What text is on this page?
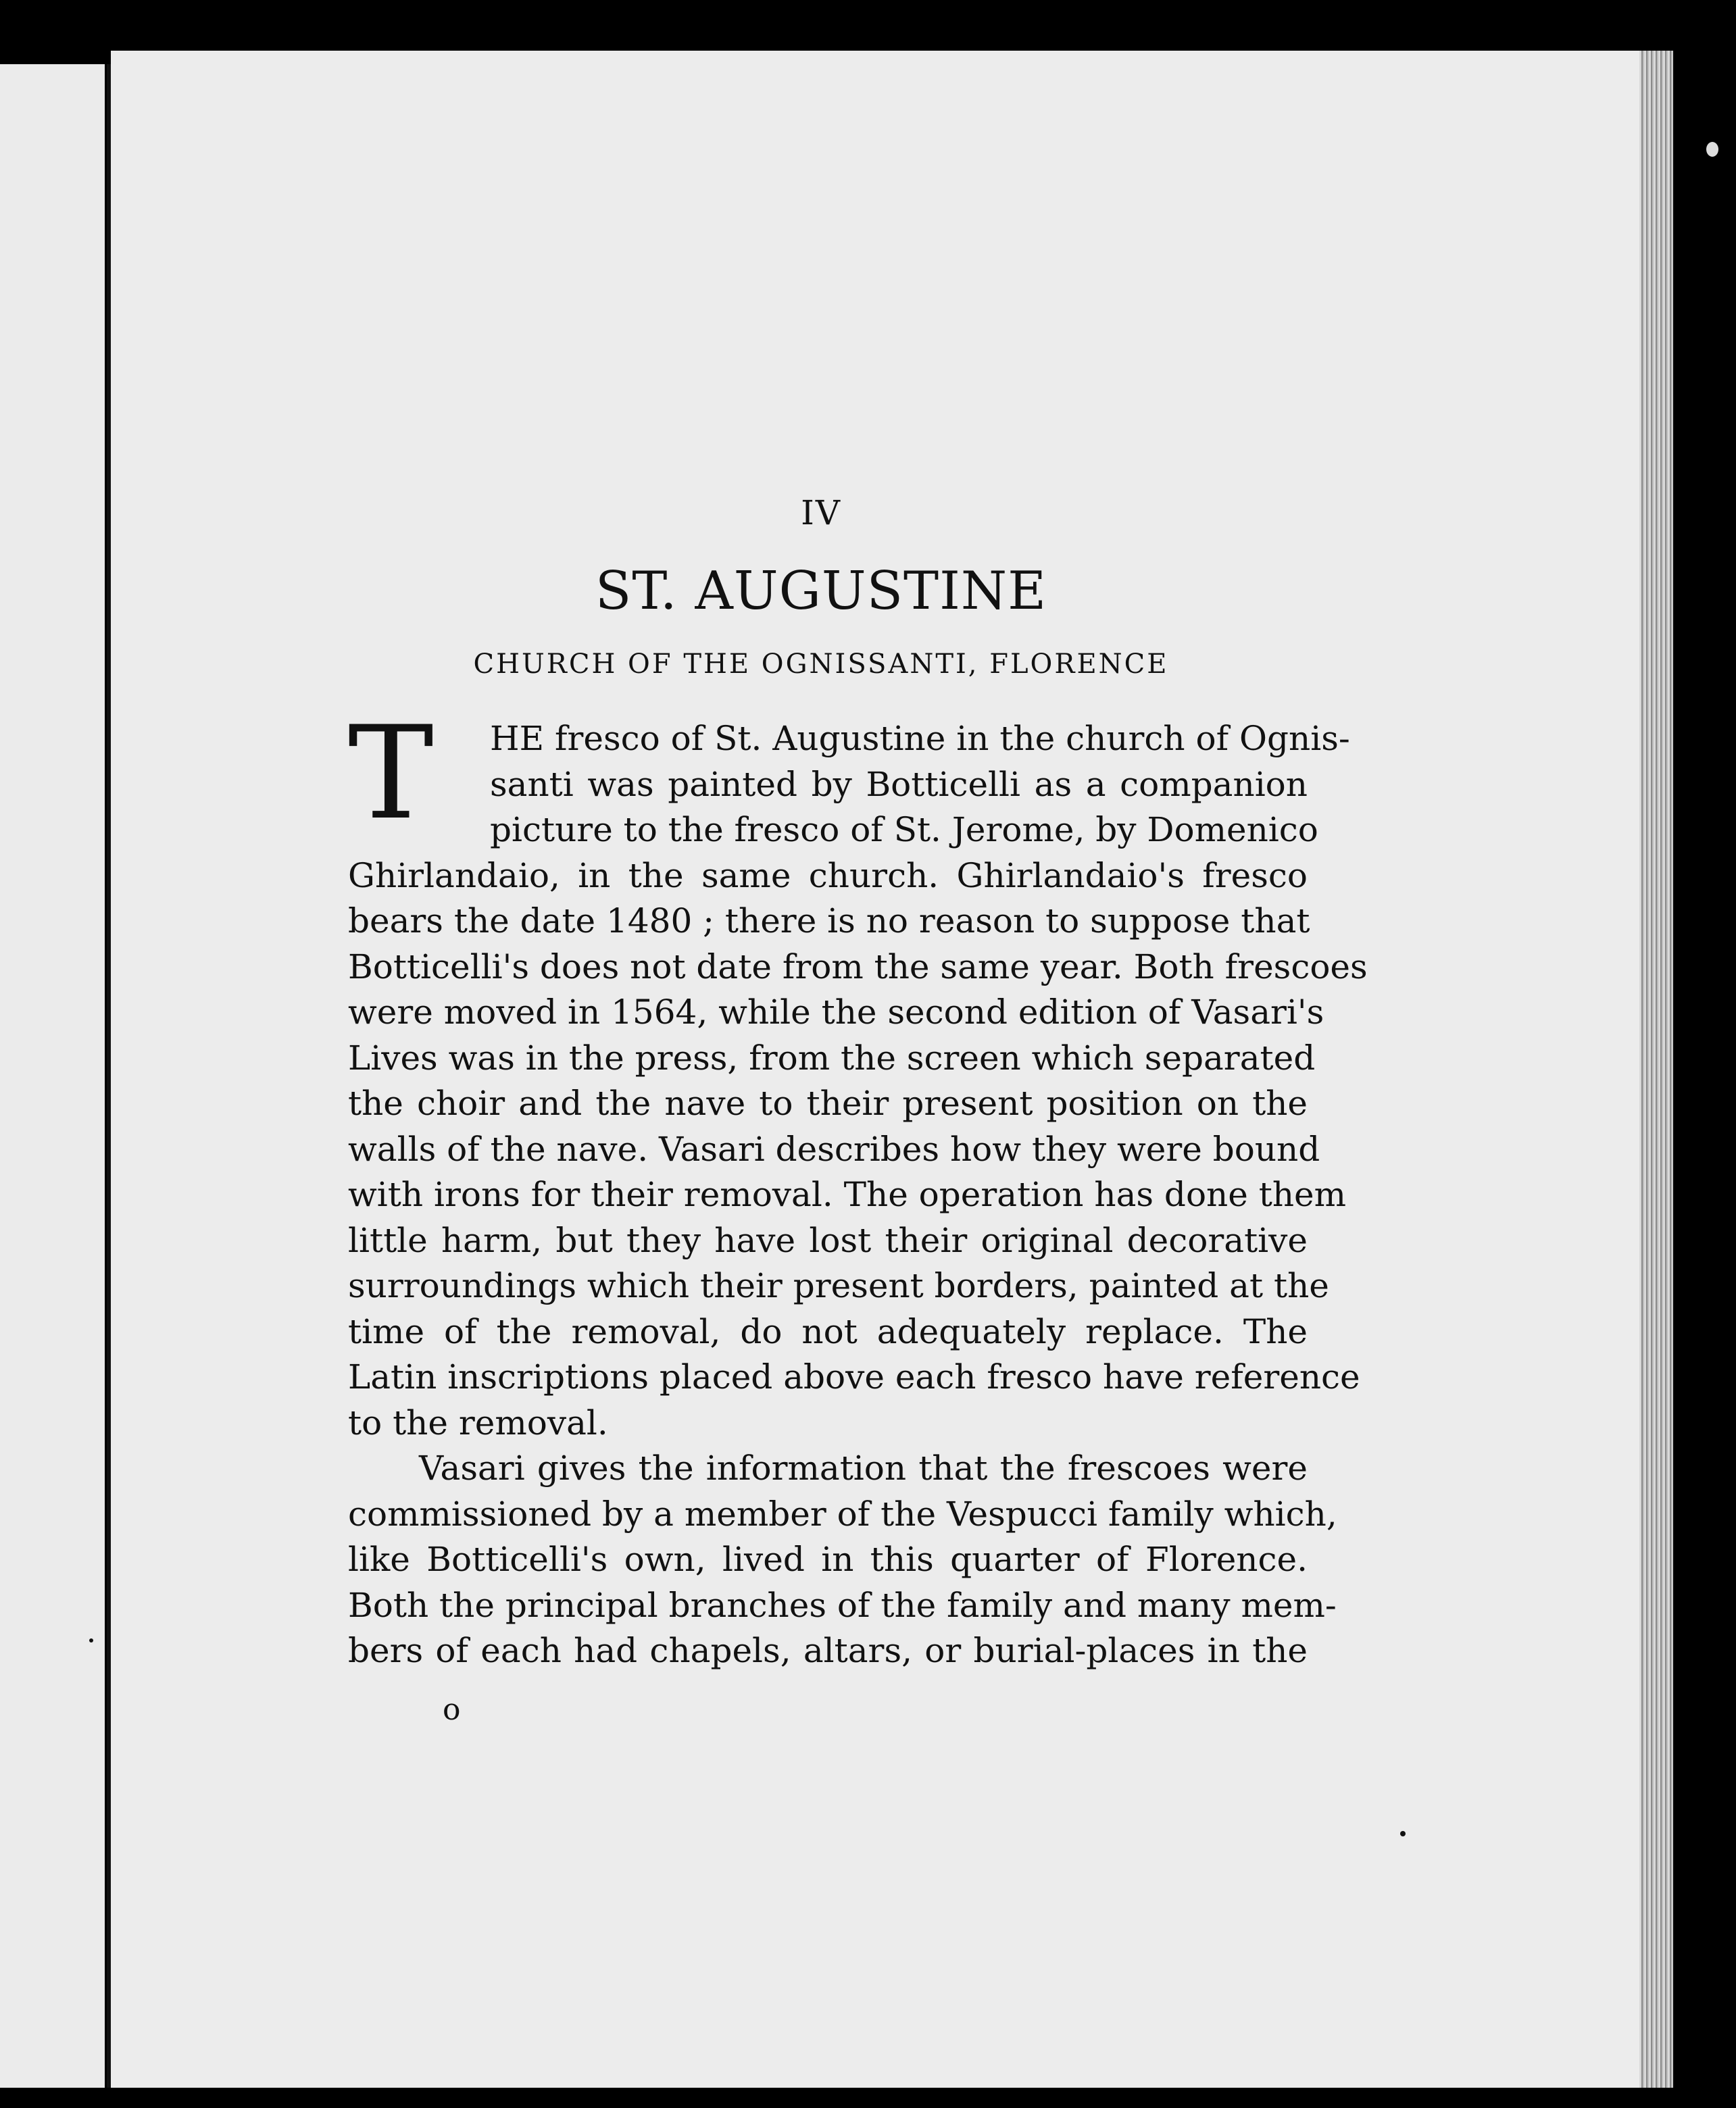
IV
ST. AUGUSTINE
CHURCH OF THE OGNISSANTI, FLORENCE
T	HE fresco of St. Augustine in the church of Ognis-
santi was painted by Botticelli as a companion
picture to the fresco of St. Jerome, by Domenico
Ghirlandaio, in the same church. Ghirlandaio's fresco
bears the date 1480 ; there is no reason to suppose that
Botticelli's does not date from the same year. Both frescoes
were moved in 1564, while the second edition of Vasari's
Lives was in the press, from the screen which separated
the choir and the nave to their present position on the
walls of the nave. Vasari describes how they were bound
with irons for their removal. The operation has done them
little harm, but they have lost their original decorative
surroundings which their present borders, painted at the
time of the removal, do not adequately replace. The
Latin inscriptions placed above each fresco have reference
to the removal.
Vasari gives the information that the frescoes were
commissioned by a member of the Vespucci family which,
like Botticelli's own, lived in this quarter of Florence.
Both the principal branches of the family and many mem-
bers of each had chapels, altars, or burial-places in the
o
